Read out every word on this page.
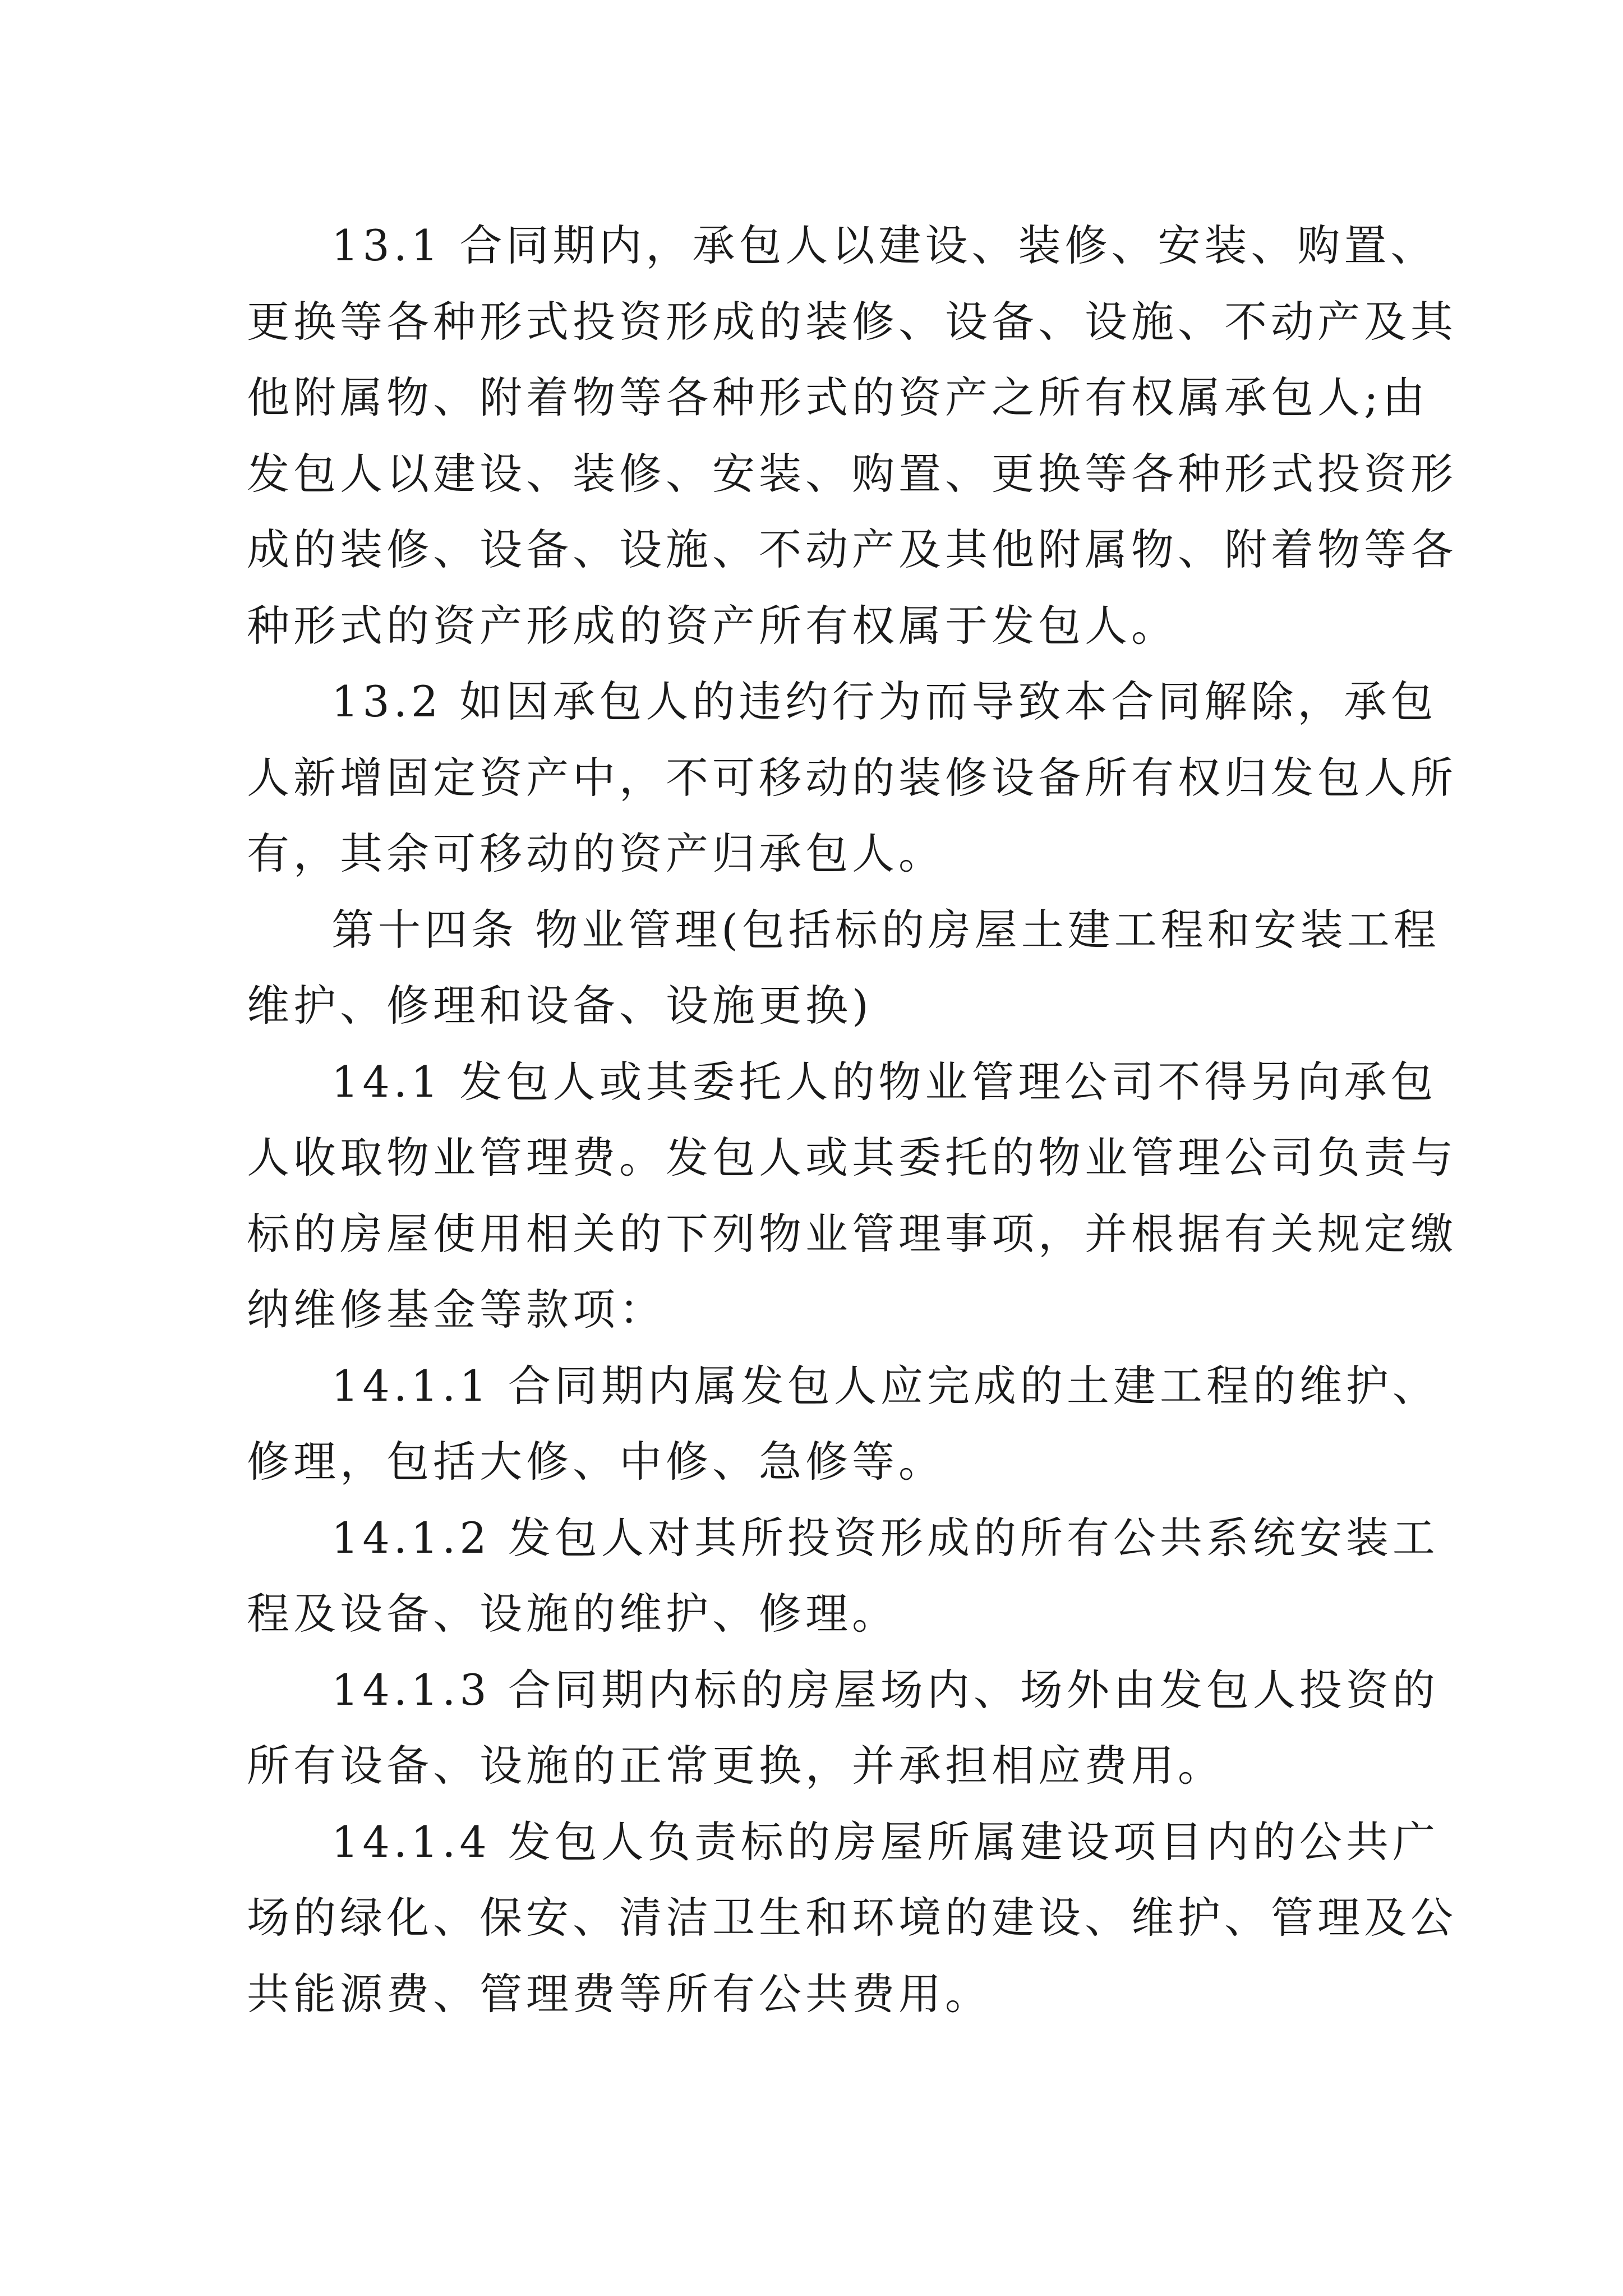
13.1 合同期内，承包人以建设、装修、安装、购置、
更换等各种形式投资形成的装修、设备、设施、不动产及其
他附属物、附着物等各种形式的资产之所有权属承包人;由
发包人以建设、装修、安装、购置、更换等各种形式投资形
成的装修、设备、设施、不动产及其他附属物、附着物等各
种形式的资产形成的资产所有权属于发包人。
13.2 如因承包人的违约行为而导致本合同解除，承包
人新增固定资产中，不可移动的装修设备所有权归发包人所
有，其余可移动的资产归承包人。
第十四条 物业管理(包括标的房屋土建工程和安装工程
维护、修理和设备、设施更换)
14.1 发包人或其委托人的物业管理公司不得另向承包
人收取物业管理费。发包人或其委托的物业管理公司负责与
标的房屋使用相关的下列物业管理事项，并根据有关规定缴
纳维修基金等款项：
14.1.1 合同期内属发包人应完成的土建工程的维护、
修理，包括大修、中修、急修等。
14.1.2 发包人对其所投资形成的所有公共系统安装工
程及设备、设施的维护、修理。
14.1.3 合同期内标的房屋场内、场外由发包人投资的
所有设备、设施的正常更换，并承担相应费用。
14.1.4 发包人负责标的房屋所属建设项目内的公共广
场的绿化、保安、清洁卫生和环境的建设、维护、管理及公
共能源费、管理费等所有公共费用。
